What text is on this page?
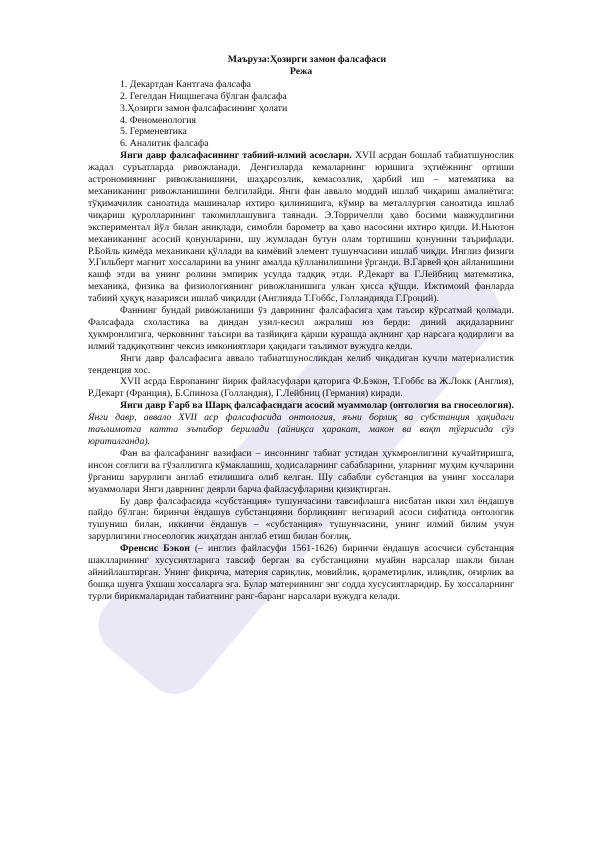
Маъруза:Ҳозирги замон фалсафаси

Режа

1. Декартдан Кантгача фалсафа
2. Гегелдан Нищшегача бўлган фалсафа
3.Ҳозирги замон фалсафасининг ҳолати
4. Феноменология
5. Герменевтика
6. Аналитик фалсафа

Янги давр фалсафасининг табиий-илмий асослари. XVII асрдан бошлаб табиатшунослик жадал суръатларда ривожланади. Денгизларда кемаларнинг юришига эҳтиёжнинг ортиши астрономиянинг ривожланишини, шаҳарсозлик, кемасозлик, ҳарбий иш – математика ва механиканинг ривожланишини белгилайди. Янги фан аввало моддий ишлаб чиқариш амалиётига: тўқимачилик саноатида машиналар ихтиро қилинишига, кўмир ва металлургия саноатида ишлаб чиқариш қуролларининг такомиллашувига таянади. Э.Торричелли ҳаво босими мавжудлигини экспериментал йўл билан аниқлади, симобли барометр ва ҳаво насосини ихтиро қилди. И.Ньютон механиканинг асосий қонунларини, шу жумладан бутун олам тортишиш қонунини таърифлади. Р.Бойль кимёда механикани қўллади ва кимёвий элемент тушунчасини ишлаб чиқди. Инглиз физиги У.Гильберт магнит хоссаларини ва унинг амалда қўлланилишини ўрганди. В.Гарвей қон айланишини кашф этди ва унинг ролини эмпирик усулда тадқиқ этди. Р.Декарт ва Г.Лейбниц математика, механика, физика ва физиологиянинг ривожланишига улкан ҳисса қўшди. Ижтимоий фанларда табиий ҳуқуқ назарияси ишлаб чиқилди (Англияда Т.Гоббс, Голландияда Г.Гроций).

Фаннинг бундай ривожланиши ўз даврининг фалсафасига ҳам таъсир кўрсатмай қолмади. Фалсафада схоластика ва диндан узил-кесил ажралиш юз берди: диний ақидаларнинг ҳукмронлигига, черковнинг таъсири ва тазйиқига қарши курашда ақлнинг ҳар нарсага қодирлиги ва илмий тадқиқотнинг чексиз имкониятлари ҳақидаги таълимот вужудга келди.

Янги давр фалсафасига аввало табиатшуносликдан келиб чиқадиган кучли материалистик тенденция хос.

XVII асрда Европанинг йирик файласуфлари қаторига Ф.Бэкон, Т.Гоббс ва Ж.Локк (Англия), Р.Декарт (Франция), Б.Спиноза (Голландия), Г.Лейбниц (Германия) киради.

Янги давр Ғарб ва Шарқ фалсафасидаги асосий муаммолар (онтология ва гносеология). Янги давр, аввало XVII аср фалсафасида онтология, яъни борлиқ ва субстанция ҳақидаги таълимотга катта эътибор берилади (айниқса ҳаракат, макон ва вақт тўғрисида сўз юритилганда).

Фан ва фалсафанинг вазифаси – инсоннинг табиат устидан ҳукмронлигини кучайтиришга, инсон соғлиги ва гўзаллигига кўмаклашиш, ҳодисаларнинг сабабларини, уларнинг муҳим кучларини ўрганиш зарурлиги англаб етилишига олиб келган. Шу сабабли субстанция ва унинг хоссалари муаммолари Янги даврнинг деярли барча файласуфларини қизиқтирган.

Бу давр фалсафасида «субстанция» тушунчасини тавсифлашга нисбатан икки хил ёндашув пайдо бўлган: биринчи ёндашув субстанцияни борлиқнинг негизарий асоси сифатида онтологик тушуниш билан, иккинчи ёндашув – «субстанция» тушунчасини, унинг илмий билим учун зарурлигини гносеологик жиҳатдан англаб етиш билан боғлиқ.

Френсис Бэкон (– инглиз файласуфи 1561-1626) биринчи ёндашув асосчиси субстанция шаклларининг хусусиятларига тавсиф берган ва субстанцияни муайян нарсалар шакли билан айнийлаштирган. Унинг фикрича, материя сариқлик, мовийлик, қораметирлик, илиқлик, оғирлик ва бошқа шунга ўхшаш хоссаларга эга. Булар материянинг энг содда хусусиятларидир. Бу хоссаларнинг турли бирикмаларидан табиатнинг ранг-баранг нарсалари вужудга келади.
